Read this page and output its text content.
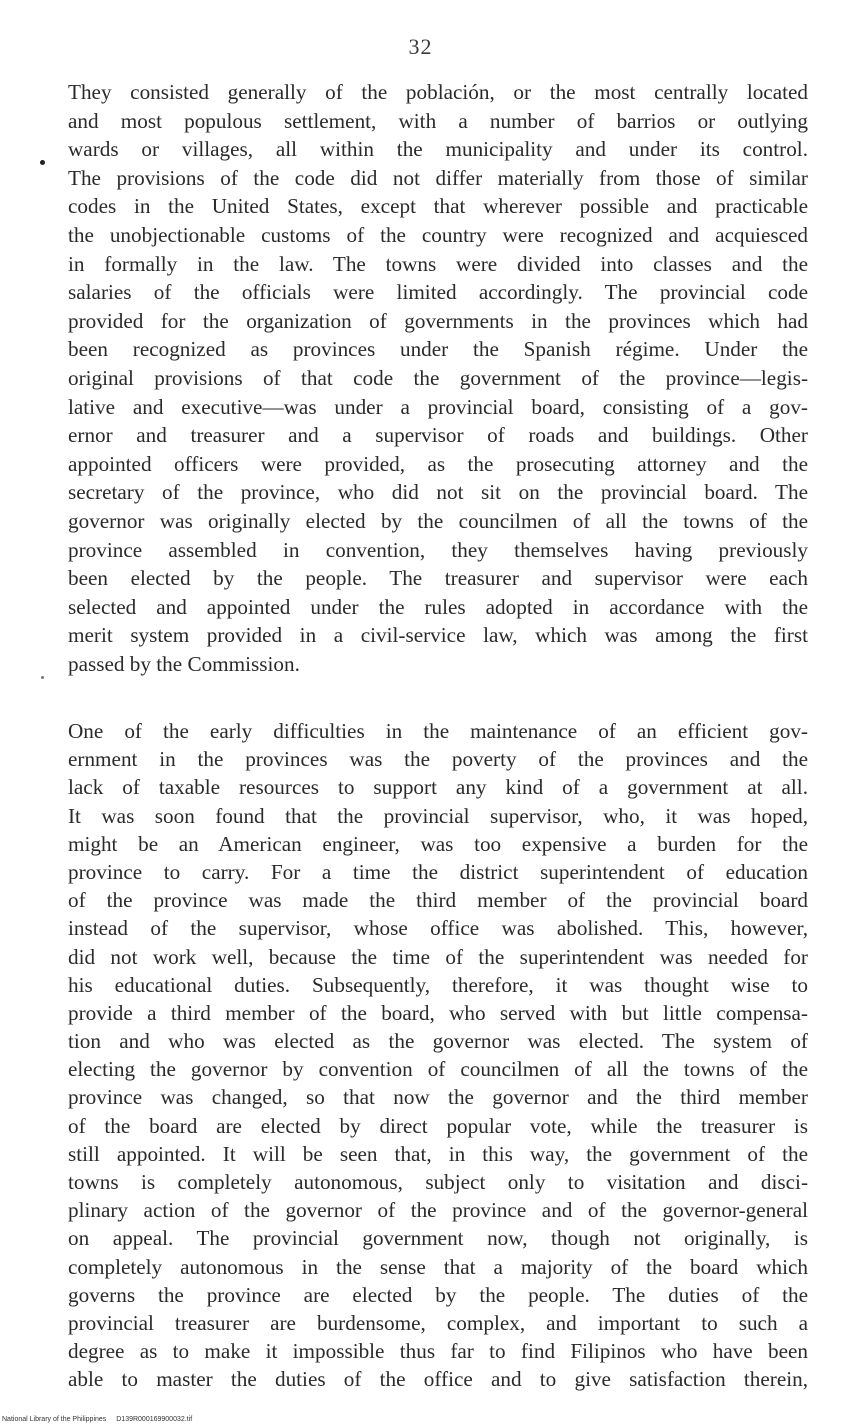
32
They consisted generally of the población, or the most centrally located
and most populous settlement, with a number of barrios or outlying
wards or villages, all within the municipality and under its control.
The provisions of the code did not differ materially from those of similar
codes in the United States, except that wherever possible and practicable
the unobjectionable customs of the country were recognized and acquiesced
in formally in the law. The towns were divided into classes and the
salaries of the officials were limited accordingly. The provincial code
provided for the organization of governments in the provinces which had
been recognized as provinces under the Spanish régime. Under the
original provisions of that code the government of the province—legis-
lative and executive—was under a provincial board, consisting of a gov-
ernor and treasurer and a supervisor of roads and buildings. Other
appointed officers were provided, as the prosecuting attorney and the
secretary of the province, who did not sit on the provincial board. The
governor was originally elected by the councilmen of all the towns of the
province assembled in convention, they themselves having previously
been elected by the people. The treasurer and supervisor were each
selected and appointed under the rules adopted in accordance with the
merit system provided in a civil-service law, which was among the first
passed by the Commission.
One of the early difficulties in the maintenance of an efficient gov-
ernment in the provinces was the poverty of the provinces and the
lack of taxable resources to support any kind of a government at all.
It was soon found that the provincial supervisor, who, it was hoped,
might be an American engineer, was too expensive a burden for the
province to carry. For a time the district superintendent of education
of the province was made the third member of the provincial board
instead of the supervisor, whose office was abolished. This, however,
did not work well, because the time of the superintendent was needed for
his educational duties. Subsequently, therefore, it was thought wise to
provide a third member of the board, who served with but little compensa-
tion and who was elected as the governor was elected. The system of
electing the governor by convention of councilmen of all the towns of the
province was changed, so that now the governor and the third member
of the board are elected by direct popular vote, while the treasurer is
still appointed. It will be seen that, in this way, the government of the
towns is completely autonomous, subject only to visitation and disci-
plinary action of the governor of the province and of the governor-general
on appeal. The provincial government now, though not originally, is
completely autonomous in the sense that a majority of the board which
governs the province are elected by the people. The duties of the
provincial treasurer are burdensome, complex, and important to such a
degree as to make it impossible thus far to find Filipinos who have been
able to master the duties of the office and to give satisfaction therein,
National Library of the Philippines D139R000169900032.tif
